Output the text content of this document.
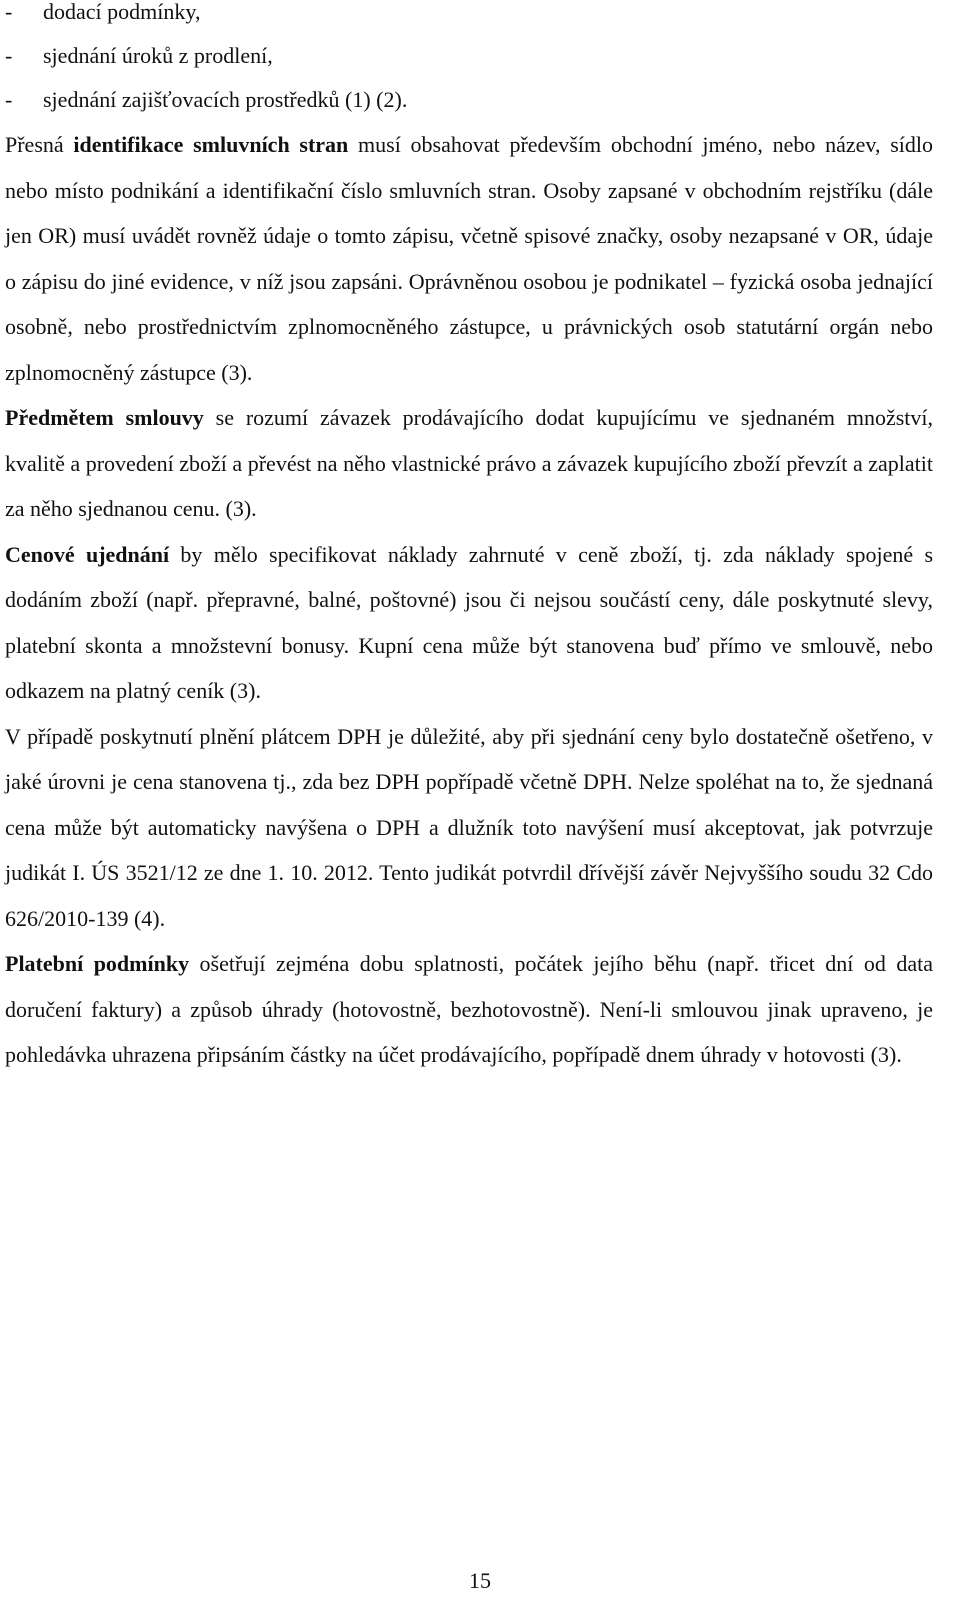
- dodací podmínky,
- sjednání úroků z prodlení,
- sjednání zajišťovacích prostředků (1) (2).

Přesná identifikace smluvních stran musí obsahovat především obchodní jméno, nebo název, sídlo nebo místo podnikání a identifikační číslo smluvních stran. Osoby zapsané v obchodním rejstříku (dále jen OR) musí uvádět rovněž údaje o tomto zápisu, včetně spisové značky, osoby nezapsané v OR, údaje o zápisu do jiné evidence, v níž jsou zapsáni. Oprávněnou osobou je podnikatel – fyzická osoba jednající osobně, nebo prostřednictvím zplnomocněného zástupce, u právnických osob statutární orgán nebo zplnomocněný zástupce (3).

Předmětem smlouvy se rozumí závazek prodávajícího dodat kupujícímu ve sjednaném množství, kvalitě a provedení zboží a převést na něho vlastnické právo a závazek kupujícího zboží převzít a zaplatit za něho sjednanou cenu. (3).

Cenové ujednání by mělo specifikovat náklady zahrnuté v ceně zboží, tj. zda náklady spojené s dodáním zboží (např. přepravné, balné, poštovné) jsou či nejsou součástí ceny, dále poskytnuté slevy, platební skonta a množstevní bonusy. Kupní cena může být stanovena buď přímo ve smlouvě, nebo odkazem na platný ceník (3).

V případě poskytnutí plnění plátcem DPH je důležité, aby při sjednání ceny bylo dostatečně ošetřeno, v jaké úrovni je cena stanovena tj., zda bez DPH popřípadě včetně DPH. Nelze spoléhat na to, že sjednaná cena může být automaticky navýšena o DPH a dlužník toto navýšení musí akceptovat, jak potvrzuje judikát I. ÚS 3521/12 ze dne 1. 10. 2012. Tento judikát potvrdil dřívější závěr Nejvyššího soudu 32 Cdo 626/2010-139 (4).

Platební podmínky ošetřují zejména dobu splatnosti, počátek jejího běhu (např. třicet dní od data doručení faktury) a způsob úhrady (hotovostně, bezhotovostně). Není-li smlouvou jinak upraveno, je pohledávka uhrazena připsáním částky na účet prodávajícího, popřípadě dnem úhrady v hotovosti (3).

15
